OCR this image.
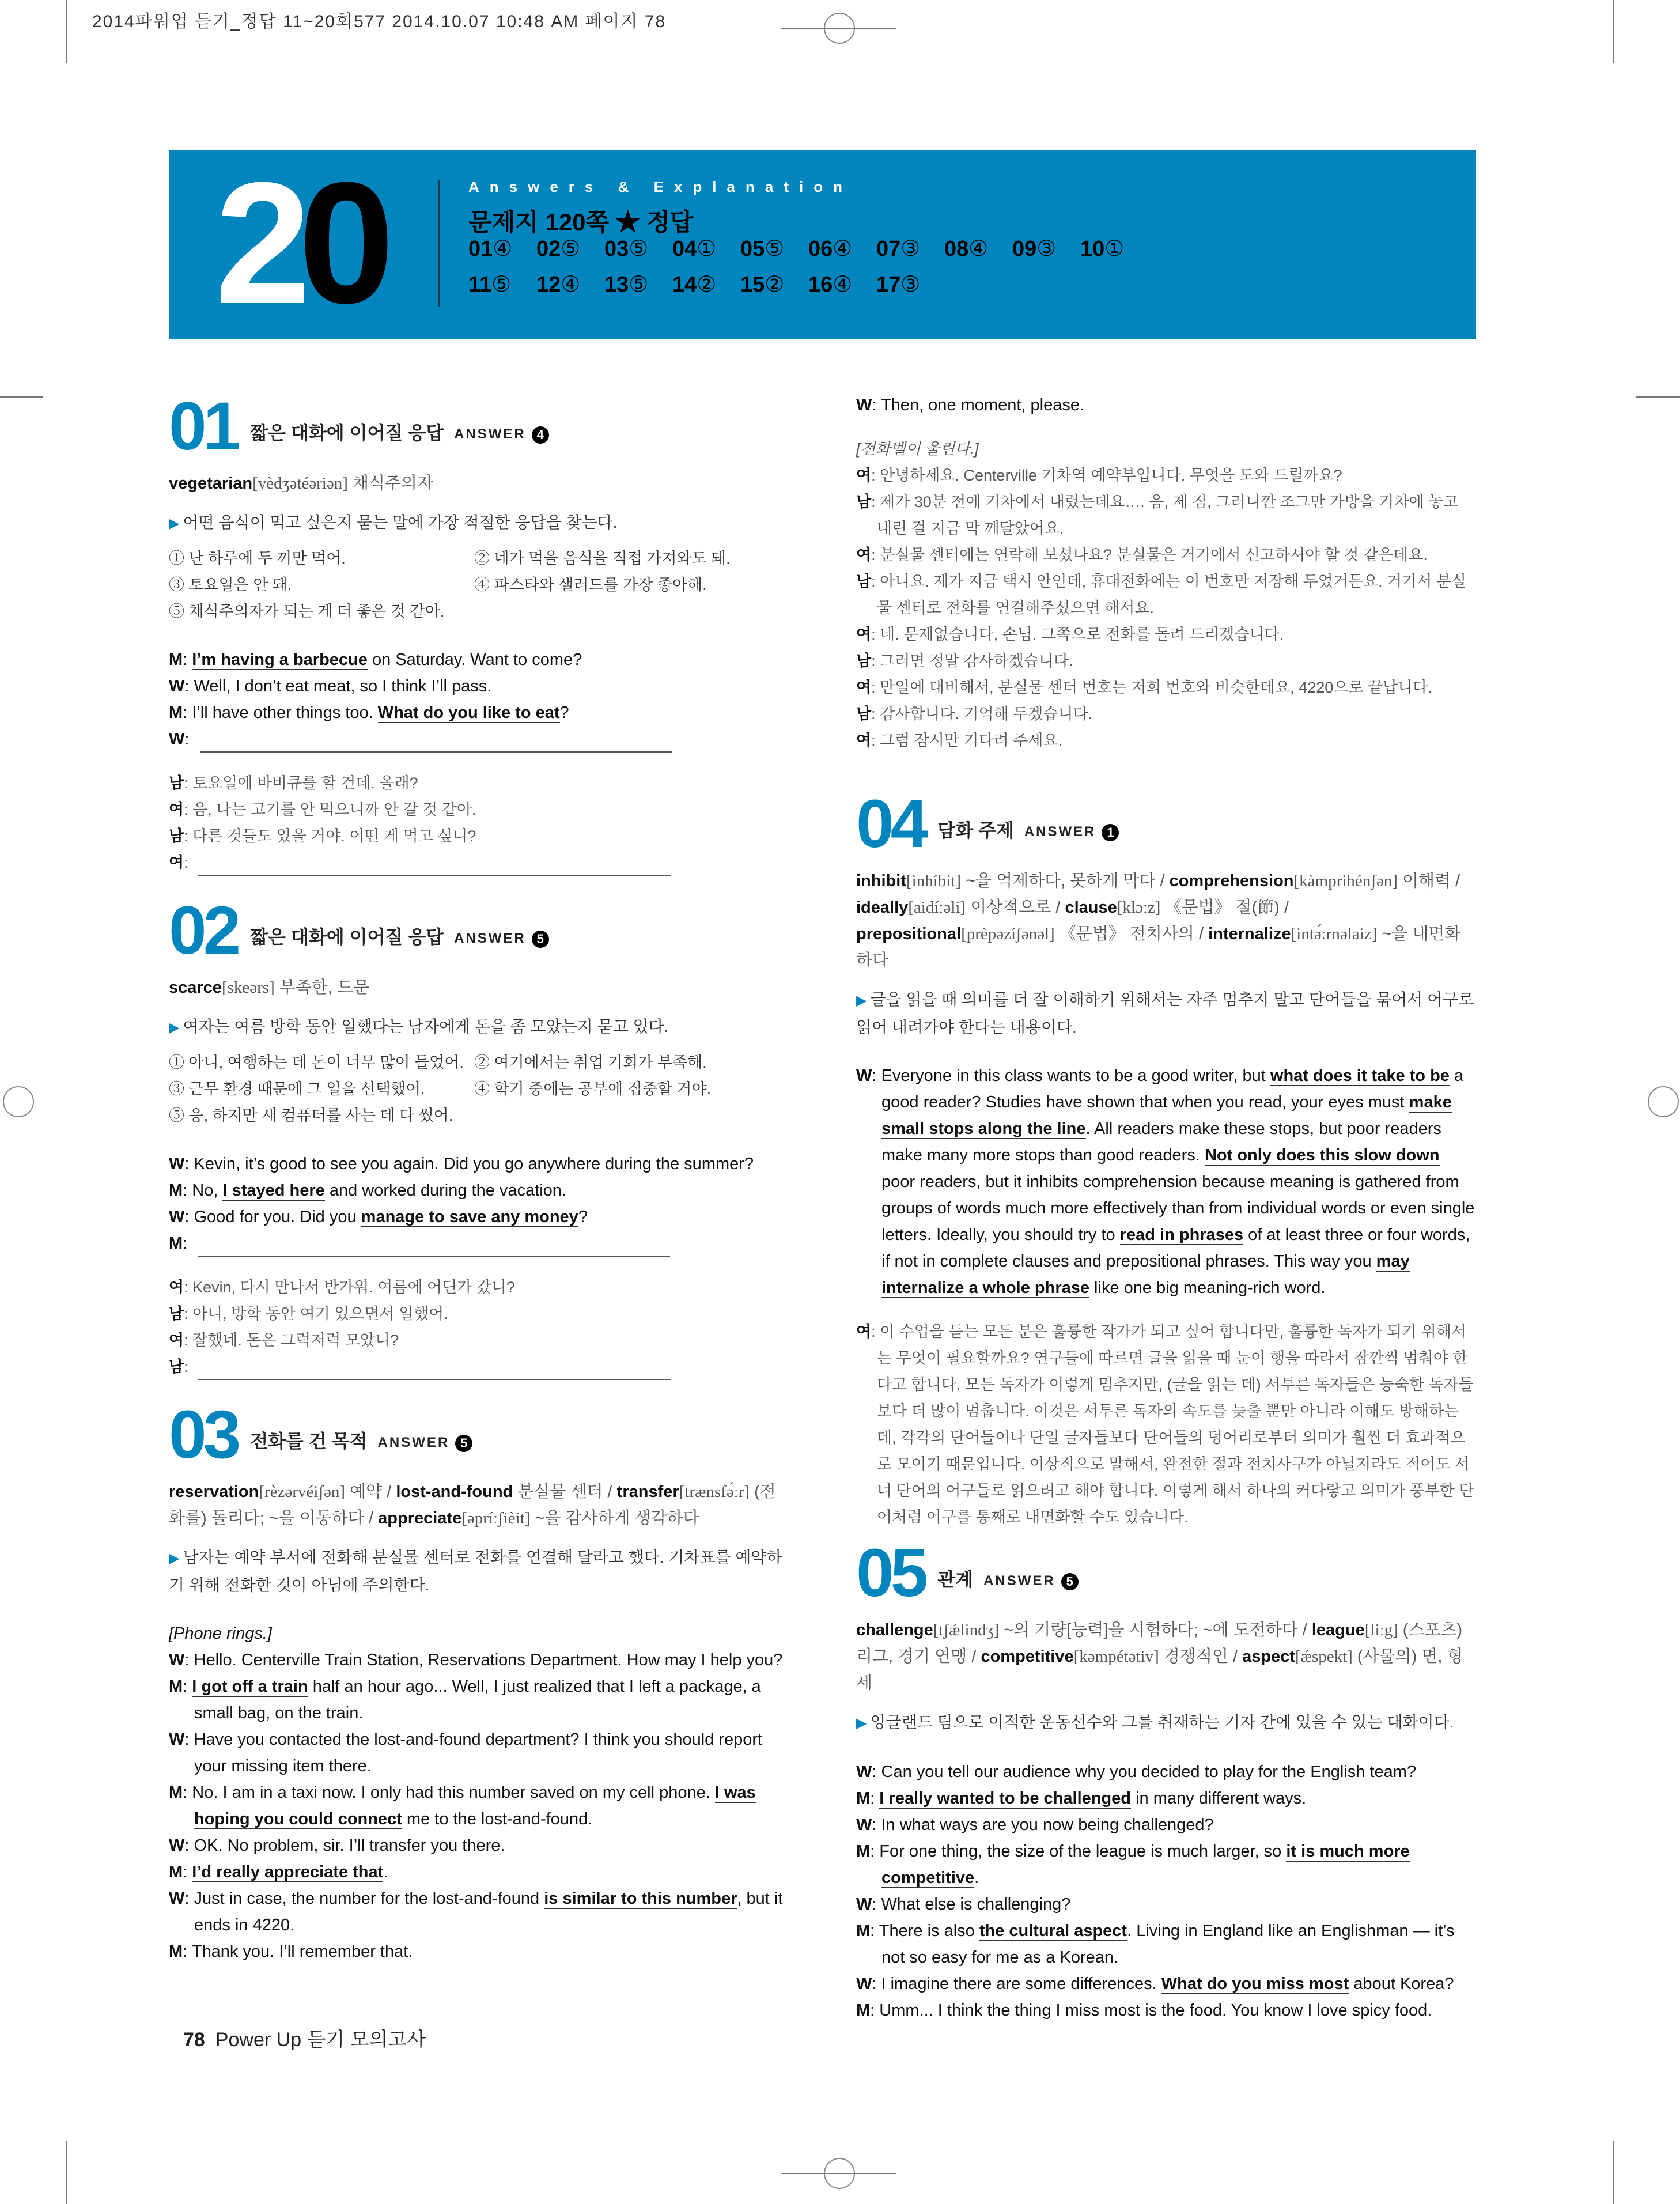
2014파워업 듣기_정답 11~20회577 2014.10.07 10:48 AM 페이지 78
20	Answers & Explanation
문제지 120쪽 ★ 정답
01④	02⑤	03⑤	04①	05⑤	06④	07③	08④	09③	10①
11⑤	12④	13⑤	14②	15②	16④	17③
01 짧은 대화에 이어질 응답 ANSWER 4
vegetarian[vèdʒətéəriən] 채식주의자
▶ 어떤 음식이 먹고 싶은지 묻는 말에 가장 적절한 응답을 찾는다.
① 난 하루에 두 끼만 먹어.	② 네가 먹을 음식을 직접 가져와도 돼.
③ 토요일은 안 돼.	④ 파스타와 샐러드를 가장 좋아해.
⑤ 채식주의자가 되는 게 더 좋은 것 같아.
M: I’m having a barbecue on Saturday. Want to come?
W: Well, I don’t eat meat, so I think I’ll pass.
M: I’ll have other things too. What do you like to eat?
W:
남: 토요일에 바비큐를 할 건데. 올래?
여: 음, 나는 고기를 안 먹으니까 안 갈 것 같아.
남: 다른 것들도 있을 거야. 어떤 게 먹고 싶니?
여:
02 짧은 대화에 이어질 응답 ANSWER 5
scarce[skeərs] 부족한, 드문
▶ 여자는 여름 방학 동안 일했다는 남자에게 돈을 좀 모았는지 묻고 있다.
① 아니, 여행하는 데 돈이 너무 많이 들었어. ② 여기에서는 취업 기회가 부족해.
③ 근무 환경 때문에 그 일을 선택했어.	④ 학기 중에는 공부에 집중할 거야.
⑤ 응, 하지만 새 컴퓨터를 사는 데 다 썼어.
W: Kevin, it’s good to see you again. Did you go anywhere during the summer?
M: No, I stayed here and worked during the vacation.
W: Good for you. Did you manage to save any money?
M:
여: Kevin, 다시 만나서 반가워. 여름에 어딘가 갔니?
남: 아니, 방학 동안 여기 있으면서 일했어.
여: 잘했네. 돈은 그럭저럭 모았니?
남:
03 전화를 건 목적 ANSWER 5
reservation[rèzərvéiʃən] 예약 / lost-and-found 분실물 센터 / transfer[trænsfə́ːr] (전화를) 돌리다; ~을 이동하다 / appreciate[əpríːʃièit] ~을 감사하게 생각하다
▶ 남자는 예약 부서에 전화해 분실물 센터로 전화를 연결해 달라고 했다. 기차표를 예약하기 위해 전화한 것이 아님에 주의한다.
[Phone rings.]
W: Hello. Centerville Train Station, Reservations Department. How may I help you?
M: I got off a train half an hour ago... Well, I just realized that I left a package, a small bag, on the train.
W: Have you contacted the lost-and-found department? I think you should report your missing item there.
M: No. I am in a taxi now. I only had this number saved on my cell phone. I was hoping you could connect me to the lost-and-found.
W: OK. No problem, sir. I’ll transfer you there.
M: I’d really appreciate that.
W: Just in case, the number for the lost-and-found is similar to this number, but it ends in 4220.
M: Thank you. I’ll remember that.
W: Then, one moment, please.
[전화벨이 울린다.]
여: 안녕하세요. Centerville 기차역 예약부입니다. 무엇을 도와 드릴까요?
남: 제가 30분 전에 기차에서 내렸는데요…. 음, 제 짐, 그러니깐 조그만 가방을 기차에 놓고 내린 걸 지금 막 깨달았어요.
여: 분실물 센터에는 연락해 보셨나요? 분실물은 거기에서 신고하셔야 할 것 같은데요.
남: 아니요. 제가 지금 택시 안인데, 휴대전화에는 이 번호만 저장해 두었거든요. 거기서 분실물 센터로 전화를 연결해주셨으면 해서요.
여: 네. 문제없습니다, 손님. 그쪽으로 전화를 돌려 드리겠습니다.
남: 그러면 정말 감사하겠습니다.
여: 만일에 대비해서, 분실물 센터 번호는 저희 번호와 비슷한데요, 4220으로 끝납니다.
남: 감사합니다. 기억해 두겠습니다.
여: 그럼 잠시만 기다려 주세요.
04 담화 주제 ANSWER 1
inhibit[inhíbit] ~을 억제하다, 못하게 막다 / comprehension[kàmprihénʃən] 이해력 / ideally[aidíːəli] 이상적으로 / clause[klɔːz] 《문법》 절(節) / prepositional[prèpəzíʃənəl] 《문법》 전치사의 / internalize[intə́ːrnəlaiz] ~을 내면화하다
▶ 글을 읽을 때 의미를 더 잘 이해하기 위해서는 자주 멈추지 말고 단어들을 묶어서 어구로 읽어 내려가야 한다는 내용이다.
W: Everyone in this class wants to be a good writer, but what does it take to be a good reader? Studies have shown that when you read, your eyes must make small stops along the line. All readers make these stops, but poor readers make many more stops than good readers. Not only does this slow down poor readers, but it inhibits comprehension because meaning is gathered from groups of words much more effectively than from individual words or even single letters. Ideally, you should try to read in phrases of at least three or four words, if not in complete clauses and prepositional phrases. This way you may internalize a whole phrase like one big meaning-rich word.
여: 이 수업을 듣는 모든 분은 훌륭한 작가가 되고 싶어 합니다만, 훌륭한 독자가 되기 위해서는 무엇이 필요할까요? 연구들에 따르면 글을 읽을 때 눈이 행을 따라서 잠깐씩 멈춰야 한다고 합니다. 모든 독자가 이렇게 멈추지만, (글을 읽는 데) 서투른 독자들은 능숙한 독자들보다 더 많이 멈춥니다. 이것은 서투른 독자의 속도를 늦출 뿐만 아니라 이해도 방해하는데, 각각의 단어들이나 단일 글자들보다 단어들의 덩어리로부터 의미가 훨씬 더 효과적으로 모이기 때문입니다. 이상적으로 말해서, 완전한 절과 전치사구가 아닐지라도 적어도 서너 단어의 어구들로 읽으려고 해야 합니다. 이렇게 해서 하나의 커다랗고 의미가 풍부한 단어처럼 어구를 통째로 내면화할 수도 있습니다.
05 관계 ANSWER 5
challenge[tʃǽlindʒ] ~의 기량[능력]을 시험하다; ~에 도전하다 / league[liːg] (스포츠) 리그, 경기 연맹 / competitive[kəmpétətiv] 경쟁적인 / aspect[ǽspekt] (사물의) 면, 형세
▶ 잉글랜드 팀으로 이적한 운동선수와 그를 취재하는 기자 간에 있을 수 있는 대화이다.
W: Can you tell our audience why you decided to play for the English team?
M: I really wanted to be challenged in many different ways.
W: In what ways are you now being challenged?
M: For one thing, the size of the league is much larger, so it is much more competitive.
W: What else is challenging?
M: There is also the cultural aspect. Living in England like an Englishman — it’s not so easy for me as a Korean.
W: I imagine there are some differences. What do you miss most about Korea?
M: Umm... I think the thing I miss most is the food. You know I love spicy food.
78 Power Up 듣기 모의고사
